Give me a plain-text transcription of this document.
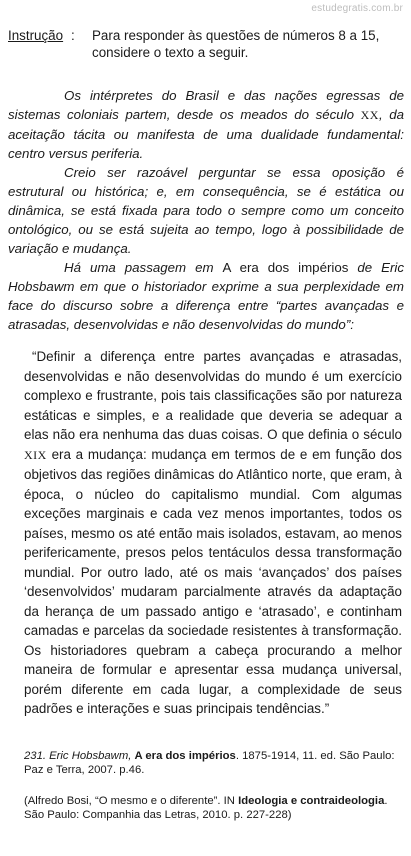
estudegratis.com.br
Instrução : Para responder às questões de números 8 a 15, considere o texto a seguir.

Os intérpretes do Brasil e das nações egressas de sistemas coloniais partem, desde os meados do século XX, da aceitação tácita ou manifesta de uma dualidade fundamental: centro versus periferia.

Creio ser razoável perguntar se essa oposição é estrutural ou histórica; e, em consequência, se é estática ou dinâmica, se está fixada para todo o sempre como um conceito ontológico, ou se está sujeita ao tempo, logo à possibilidade de variação e mudança.

Há uma passagem em A era dos impérios de Eric Hobsbawm em que o historiador exprime a sua perplexidade em face do discurso sobre a diferença entre “partes avançadas e atrasadas, desenvolvidas e não desenvolvidas do mundo”:

“Definir a diferença entre partes avançadas e atrasadas, desenvolvidas e não desenvolvidas do mundo é um exercício complexo e frustrante, pois tais classificações são por natureza estáticas e simples, e a realidade que deveria se adequar a elas não era nenhuma das duas coisas. O que definia o século XIX era a mudança: mudança em termos de e em função dos objetivos das regiões dinâmicas do Atlântico norte, que eram, à época, o núcleo do capitalismo mundial. Com algumas exceções marginais e cada vez menos importantes, todos os países, mesmo os até então mais isolados, estavam, ao menos perifericamente, presos pelos tentáculos dessa transformação mundial. Por outro lado, até os mais ‘avançados’ dos países ‘desenvolvidos’ mudaram parcialmente através da adaptação da herança de um passado antigo e ‘atrasado’, e continham camadas e parcelas da sociedade resistentes à transformação. Os historiadores quebram a cabeça procurando a melhor maneira de formular e apresentar essa mudança universal, porém diferente em cada lugar, a complexidade de seus padrões e interações e suas principais tendências.”

231. Eric Hobsbawm, A era dos impérios. 1875-1914, 11. ed. São Paulo: Paz e Terra, 2007. p.46.
(Alfredo Bosi, “O mesmo e o diferente”. IN Ideologia e contraideologia. São Paulo: Companhia das Letras, 2010. p. 227-228)
